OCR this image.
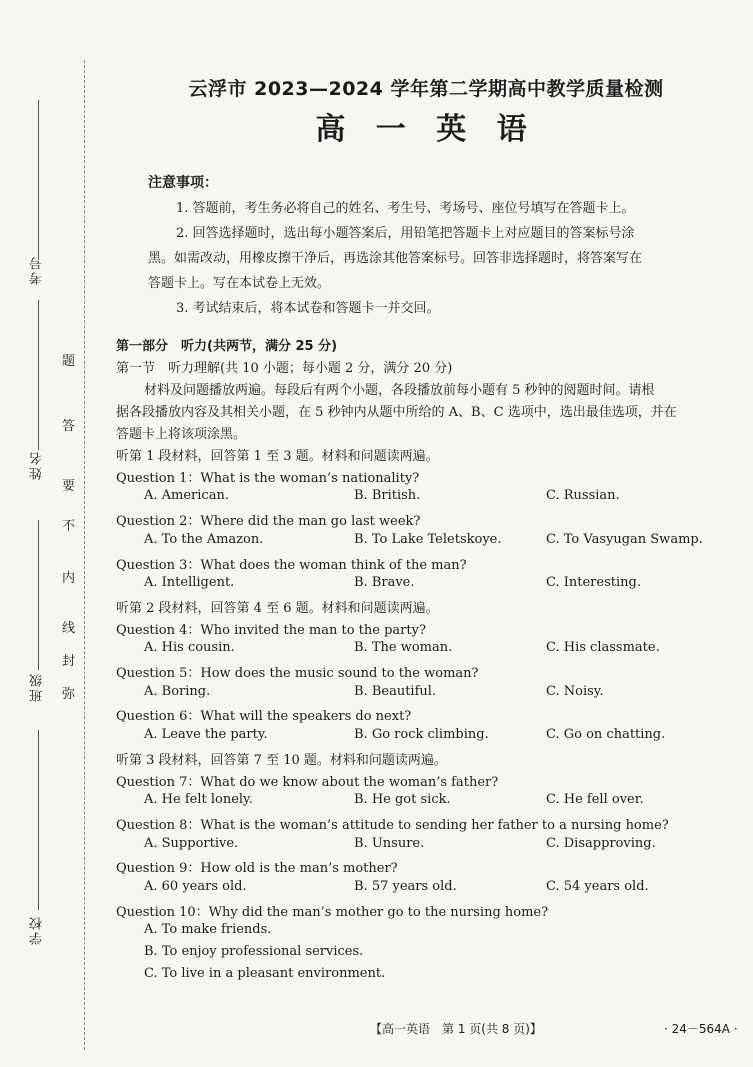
考号
姓名
班级
学校
题
答
要
不
内
线
封
弥
云浮市 2023—2024 学年第二学期高中教学质量检测
高 一 英 语
注意事项：
1. 答题前，考生务必将自己的姓名、考生号、考场号、座位号填写在答题卡上。
2. 回答选择题时，选出每小题答案后，用铅笔把答题卡上对应题目的答案标号涂
黑。如需改动，用橡皮擦干净后，再选涂其他答案标号。回答非选择题时，将答案写在
答题卡上。写在本试卷上无效。
3. 考试结束后，将本试卷和答题卡一并交回。
第一部分　听力(共两节，满分 25 分)
第一节　听力理解(共 10 小题；每小题 2 分，满分 20 分)
材料及问题播放两遍。每段后有两个小题，各段播放前每小题有 5 秒钟的阅题时间。请根
据各段播放内容及其相关小题，在 5 秒钟内从题中所给的 A、B、C 选项中，选出最佳选项，并在
答题卡上将该项涂黑。
听第 1 段材料，回答第 1 至 3 题。材料和问题读两遍。
Question 1：What is the woman’s nationality?
A. American.	B. British.	C. Russian.
Question 2：Where did the man go last week?
A. To the Amazon.	B. To Lake Teletskoye.	C. To Vasyugan Swamp.
Question 3：What does the woman think of the man?
A. Intelligent.	B. Brave.	C. Interesting.
听第 2 段材料，回答第 4 至 6 题。材料和问题读两遍。
Question 4：Who invited the man to the party?
A. His cousin.	B. The woman.	C. His classmate.
Question 5：How does the music sound to the woman?
A. Boring.	B. Beautiful.	C. Noisy.
Question 6：What will the speakers do next?
A. Leave the party.	B. Go rock climbing.	C. Go on chatting.
听第 3 段材料，回答第 7 至 10 题。材料和问题读两遍。
Question 7：What do we know about the woman’s father?
A. He felt lonely.	B. He got sick.	C. He fell over.
Question 8：What is the woman’s attitude to sending her father to a nursing home?
A. Supportive.	B. Unsure.	C. Disapproving.
Question 9：How old is the man’s mother?
A. 60 years old.	B. 57 years old.	C. 54 years old.
Question 10：Why did the man’s mother go to the nursing home?
A. To make friends.
B. To enjoy professional services.
C. To live in a pleasant environment.
【高一英语　第 1 页(共 8 页)】	· 24－564A ·
